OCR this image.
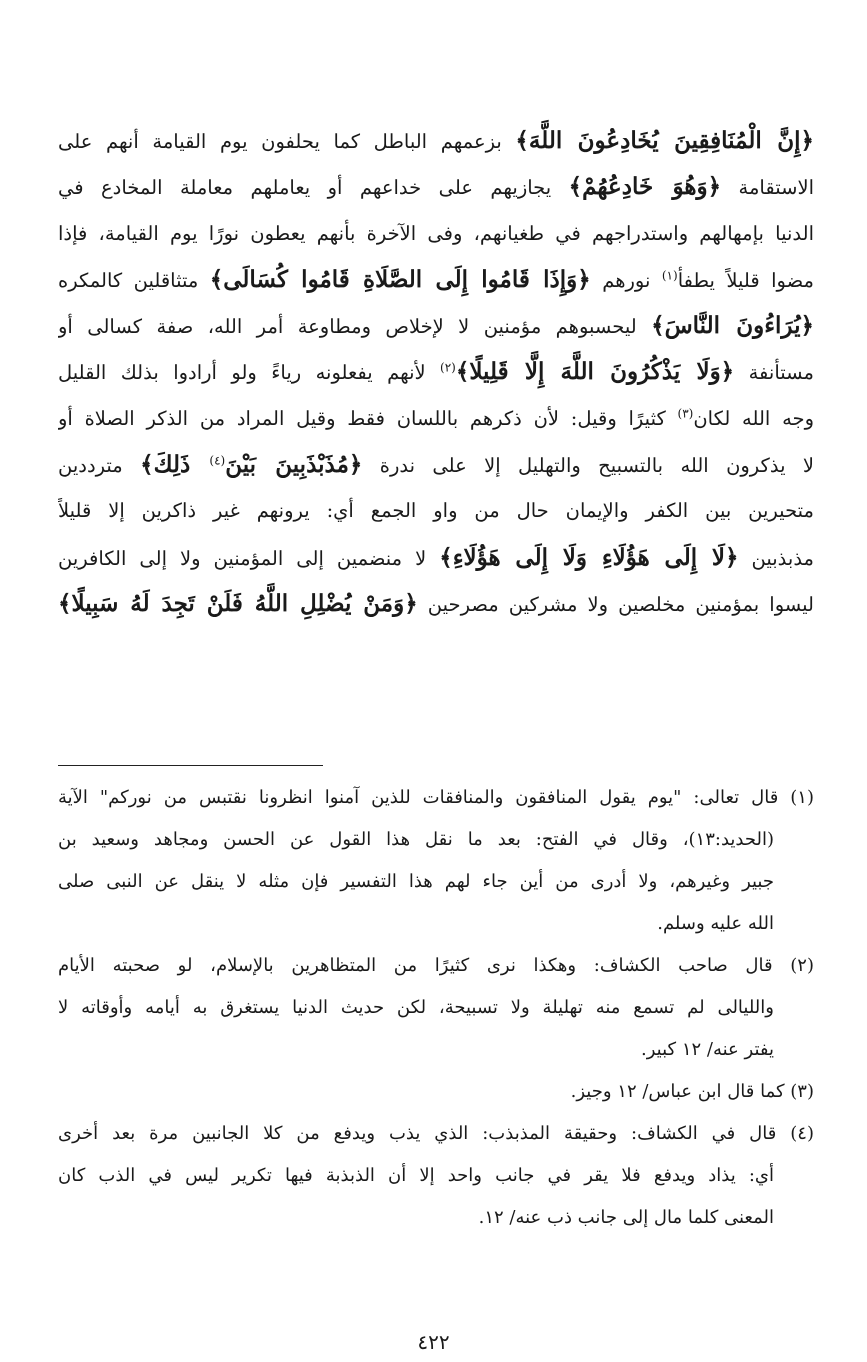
﴿إِنَّ الْمُنَافِقِينَ يُخَادِعُونَ اللَّهَ﴾ بزعمهم الباطل كما يحلفون يوم القيامة أنهم على
الاستقامة ﴿وَهُوَ خَادِعُهُمْ﴾ يجازيهم على خداعهم أو يعاملهم معاملة المخادع في
الدنيا بإمهالهم واستدراجهم في طغيانهم، وفى الآخرة بأنهم يعطون نورًا يوم القيامة، فإذا
مضوا قليلاً يطفأ$^{(١)}$ نورهم ﴿وَإِذَا قَامُوا إِلَى الصَّلَاةِ قَامُوا كُسَالَى﴾ متثاقلين كالمكره
﴿يُرَاءُونَ النَّاسَ﴾ ليحسبوهم مؤمنين لا لإخلاص ومطاوعة أمر الله، صفة كسالى أو
مستأنفة ﴿وَلَا يَذْكُرُونَ اللَّهَ إِلَّا قَلِيلًا﴾$^{(٢)}$ لأنهم يفعلونه رياءً ولو أرادوا بذلك القليل
وجه الله لكان$^{(٣)}$ كثيرًا وقيل: لأن ذكرهم باللسان فقط وقيل المراد من الذكر الصلاة أو
لا يذكرون الله بالتسبيح والتهليل إلا على ندرة ﴿مُذَبْذَبِينَ بَيْنَ$^{(٤)}$ ذَلِكَ﴾ مترددين
متحيرين بين الكفر والإيمان حال من واو الجمع أي: يرونهم غير ذاكرين إلا قليلاً
مذبذبين ﴿لَا إِلَى هَؤُلَاءِ وَلَا إِلَى هَؤُلَاءِ﴾ لا منضمين إلى المؤمنين ولا إلى الكافرين
ليسوا بمؤمنين مخلصين ولا مشركين مصرحين ﴿وَمَنْ يُضْلِلِ اللَّهُ فَلَنْ تَجِدَ لَهُ سَبِيلًا﴾
(١) قال تعالى: "يوم يقول المنافقون والمنافقات للذين آمنوا انظرونا نقتبس من نوركم" الآية
(الحديد:١٣)، وقال في الفتح: بعد ما نقل هذا القول عن الحسن ومجاهد وسعيد بن
جبير وغيرهم، ولا أدرى من أين جاء لهم هذا التفسير فإن مثله لا ينقل عن النبى صلى
الله عليه وسلم.
(٢) قال صاحب الكشاف: وهكذا نرى كثيرًا من المتظاهرين بالإسلام، لو صحبته الأيام
والليالى لم تسمع منه تهليلة ولا تسبيحة، لكن حديث الدنيا يستغرق به أيامه وأوقاته لا
يفتر عنه/ ١٢ كبير.
(٣) كما قال ابن عباس/ ١٢ وجيز.
(٤) قال في الكشاف: وحقيقة المذبذب: الذي يذب ويدفع من كلا الجانبين مرة بعد أخرى
أي: يذاد ويدفع فلا يقر في جانب واحد إلا أن الذبذبة فيها تكرير ليس في الذب كان
المعنى كلما مال إلى جانب ذب عنه/ ١٢.
٤٢٢
